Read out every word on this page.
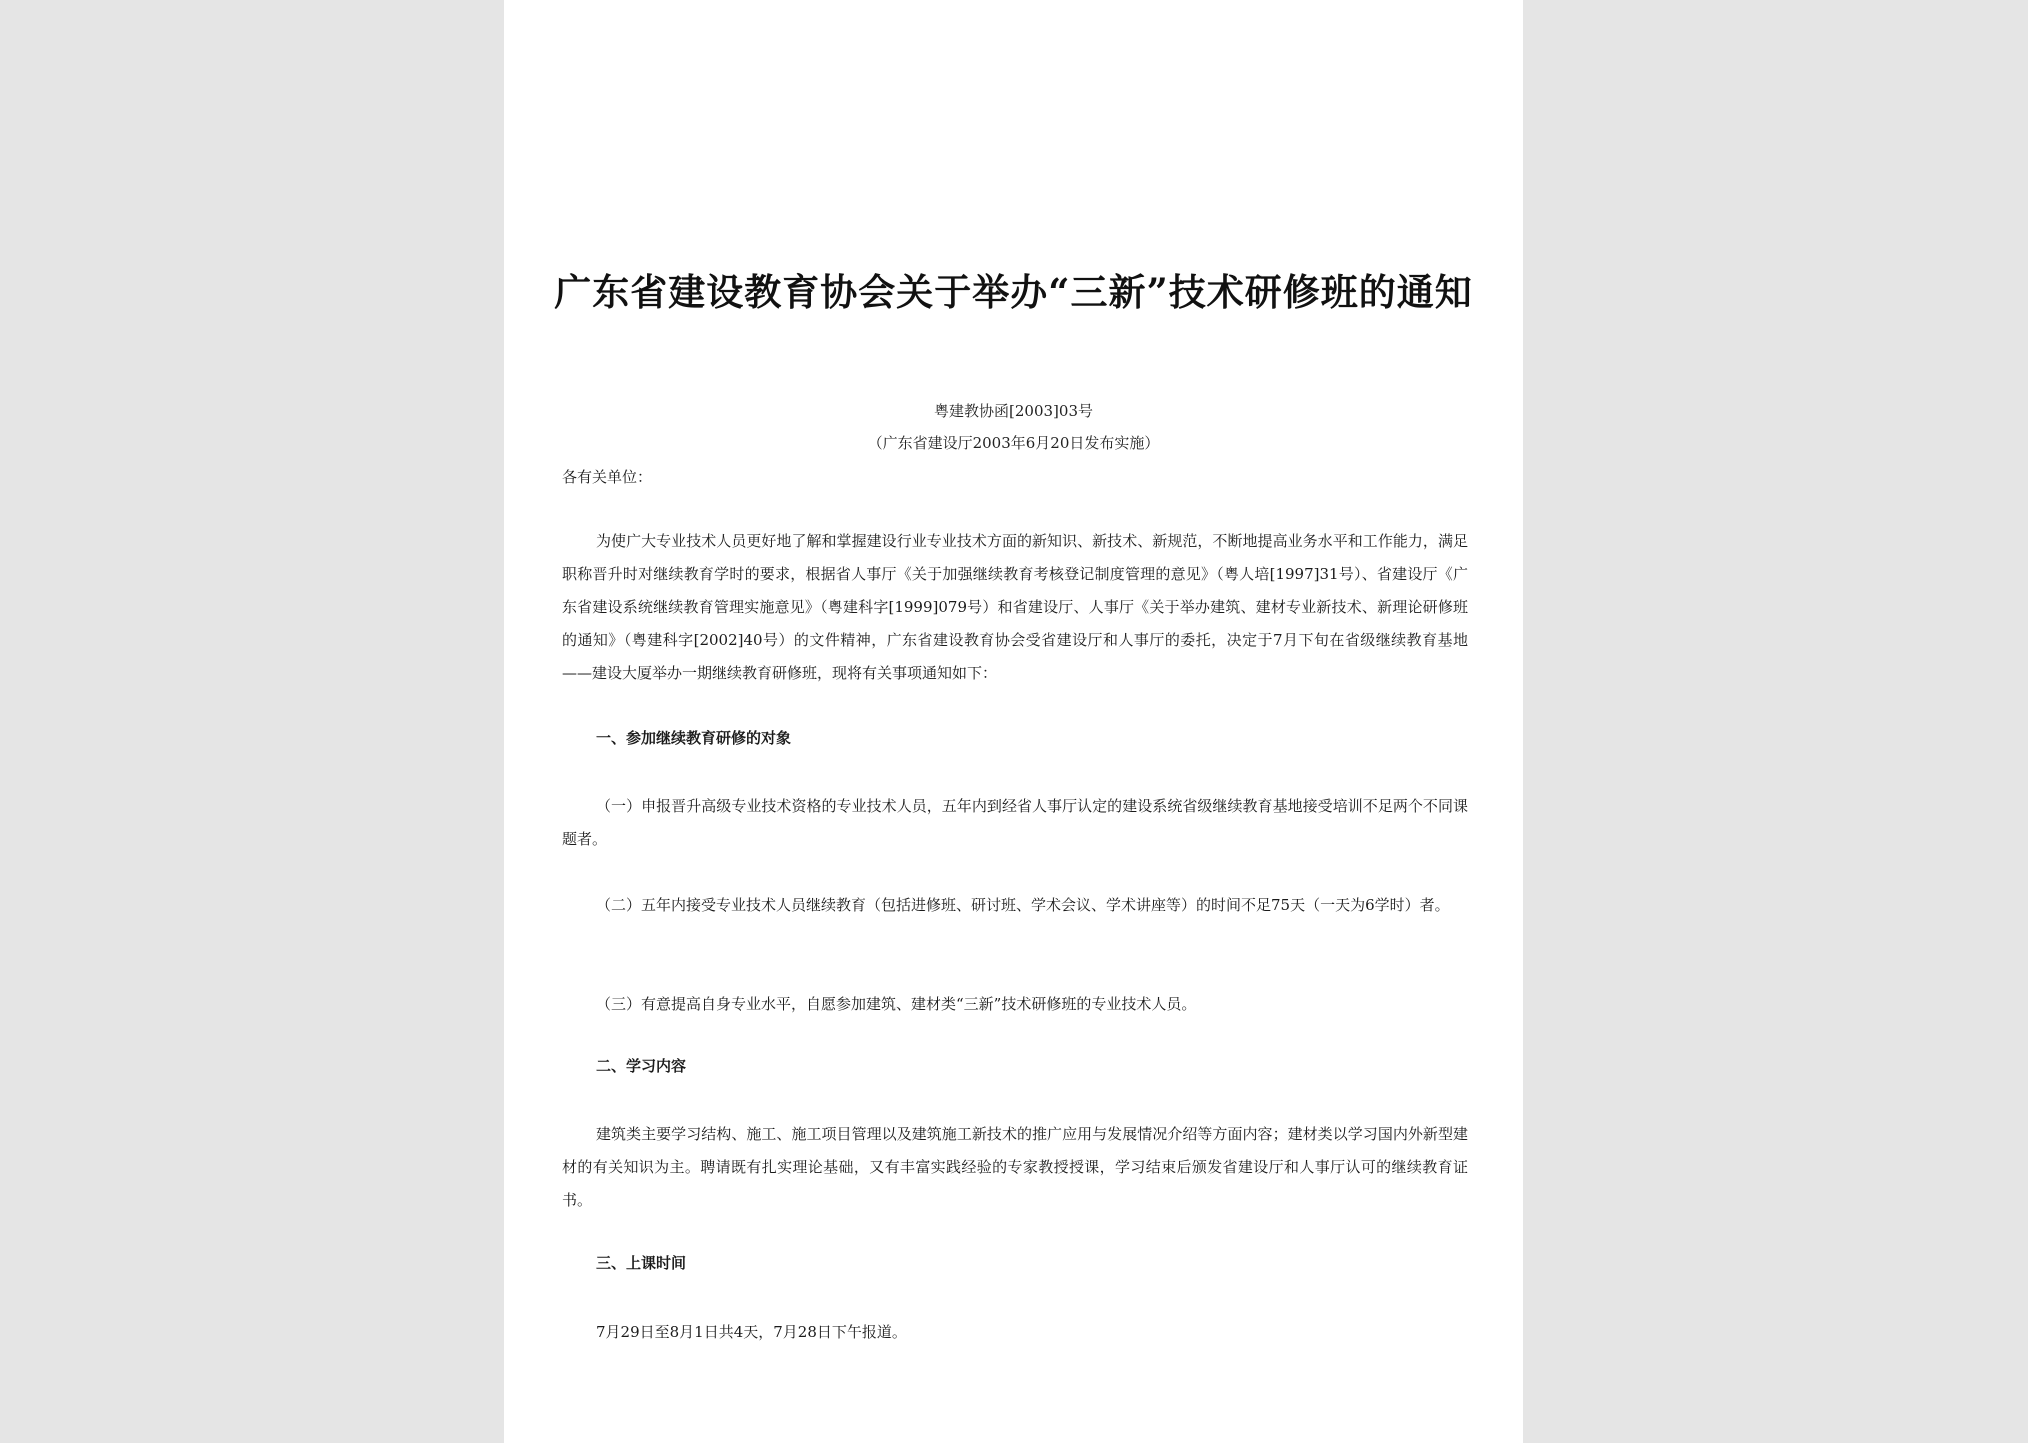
广东省建设教育协会关于举办“三新”技术研修班的通知
粤建教协函[2003]03号
（广东省建设厅2003年6月20日发布实施）
各有关单位：
为使广大专业技术人员更好地了解和掌握建设行业专业技术方面的新知识、新技术、新规范，不断地提高业务水平和工作能力，满足职称晋升时对继续教育学时的要求，根据省人事厅《关于加强继续教育考核登记制度管理的意见》（粤人培[1997]31号）、省建设厅《广东省建设系统继续教育管理实施意见》（粤建科字[1999]079号）和省建设厅、人事厅《关于举办建筑、建材专业新技术、新理论研修班的通知》（粤建科字[2002]40号）的文件精神，广东省建设教育协会受省建设厅和人事厅的委托，决定于7月下旬在省级继续教育基地——建设大厦举办一期继续教育研修班，现将有关事项通知如下：
一、参加继续教育研修的对象
（一）申报晋升高级专业技术资格的专业技术人员，五年内到经省人事厅认定的建设系统省级继续教育基地接受培训不足两个不同课题者。
（二）五年内接受专业技术人员继续教育（包括进修班、研讨班、学术会议、学术讲座等）的时间不足75天（一天为6学时）者。
（三）有意提高自身专业水平，自愿参加建筑、建材类“三新”技术研修班的专业技术人员。
二、学习内容
建筑类主要学习结构、施工、施工项目管理以及建筑施工新技术的推广应用与发展情况介绍等方面内容；建材类以学习国内外新型建材的有关知识为主。聘请既有扎实理论基础，又有丰富实践经验的专家教授授课，学习结束后颁发省建设厅和人事厅认可的继续教育证书。
三、上课时间
7月29日至8月1日共4天，7月28日下午报道。
